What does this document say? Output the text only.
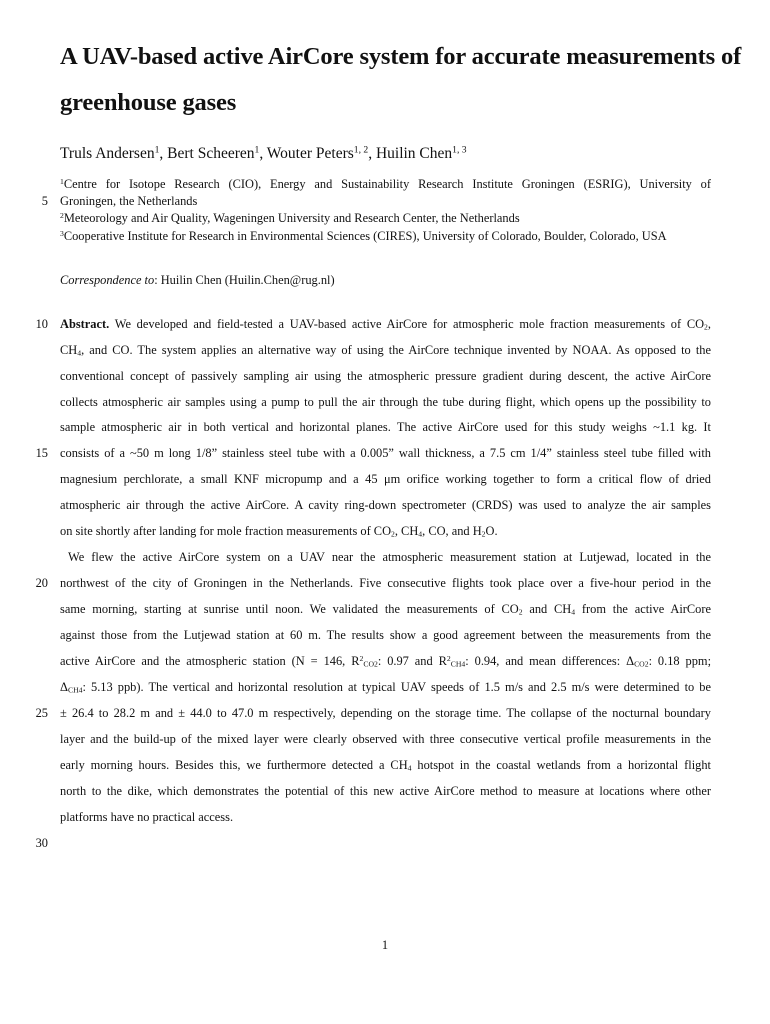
A UAV-based active AirCore system for accurate measurements of
greenhouse gases
Truls Andersen$^1$, Bert Scheeren$^1$, Wouter Peters$^{1, 2}$, Huilin Chen$^{1, 3}$
$^1$Centre for Isotope Research (CIO), Energy and Sustainability Research Institute Groningen (ESRIG), University of
Groningen, the Netherlands
$^2$Meteorology and Air Quality, Wageningen University and Research Center, the Netherlands
$^3$Cooperative Institute for Research in Environmental Sciences (CIRES), University of Colorado, Boulder, Colorado, USA
Correspondence to: Huilin Chen (Huilin.Chen@rug.nl)
Abstract. We developed and field-tested a UAV-based active AirCore for atmospheric mole fraction measurements of $CO_2$,
$CH_4$, and CO. The system applies an alternative way of using the AirCore technique invented by NOAA. As opposed to the
conventional concept of passively sampling air using the atmospheric pressure gradient during descent, the active AirCore
collects atmospheric air samples using a pump to pull the air through the tube during flight, which opens up the possibility to
sample atmospheric air in both vertical and horizontal planes. The active AirCore used for this study weighs ~1.1 kg. It
consists of a ~50 m long 1/8” stainless steel tube with a 0.005” wall thickness, a 7.5 cm 1/4” stainless steel tube filled with
magnesium perchlorate, a small KNF micropump and a 45 μm orifice working together to form a critical flow of dried
atmospheric air through the active AirCore. A cavity ring-down spectrometer (CRDS) was used to analyze the air samples
on site shortly after landing for mole fraction measurements of $CO_2$, $CH_4$, CO, and $H_2O$.
We flew the active AirCore system on a UAV near the atmospheric measurement station at Lutjewad, located in the
northwest of the city of Groningen in the Netherlands. Five consecutive flights took place over a five-hour period in the
same morning, starting at sunrise until noon. We validated the measurements of $CO_2$ and $CH_4$ from the active AirCore
against those from the Lutjewad station at 60 m. The results show a good agreement between the measurements from the
active AirCore and the atmospheric station (N = 146, $R^2_{CO2}$: 0.97 and $R^2_{CH4}$: 0.94, and mean differences: $\Delta_{CO2}$: 0.18 ppm;
$\Delta_{CH4}$: 5.13 ppb). The vertical and horizontal resolution at typical UAV speeds of 1.5 m/s and 2.5 m/s were determined to be
± 26.4 to 28.2 m and ± 44.0 to 47.0 m respectively, depending on the storage time. The collapse of the nocturnal boundary
layer and the build-up of the mixed layer were clearly observed with three consecutive vertical profile measurements in the
early morning hours. Besides this, we furthermore detected a $CH_4$ hotspot in the coastal wetlands from a horizontal flight
north to the dike, which demonstrates the potential of this new active AirCore method to measure at locations where other
platforms have no practical access.
5
10
15
20
25
30
1
